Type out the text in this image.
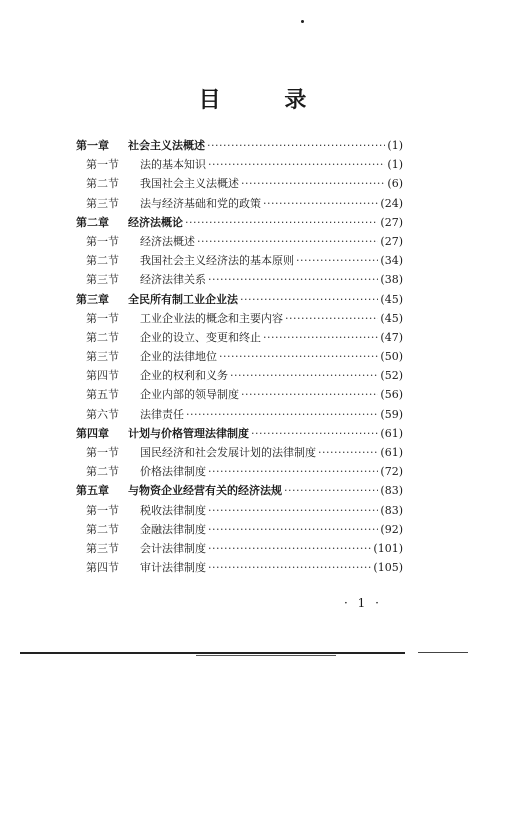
目 录
第一章	社会主义法概述 ·····	(1)
第一节	法的基本知识 ·····	(1)
第二节	我国社会主义法概述 ·····	(6)
第三节	法与经济基础和党的政策 ·····	(24)
第二章	经济法概论 ·····	(27)
第一节	经济法概述 ·····	(27)
第二节	我国社会主义经济法的基本原则 ·····	(34)
第三节	经济法律关系 ·····	(38)
第三章	全民所有制工业企业法 ·····	(45)
第一节	工业企业法的概念和主要内容 ·····	(45)
第二节	企业的设立、变更和终止 ·····	(47)
第三节	企业的法律地位 ·····	(50)
第四节	企业的权利和义务 ·····	(52)
第五节	企业内部的领导制度 ·····	(56)
第六节	法律责任 ·····	(59)
第四章	计划与价格管理法律制度 ·····	(61)
第一节	国民经济和社会发展计划的法律制度 ·····	(61)
第二节	价格法律制度 ·····	(72)
第五章	与物资企业经营有关的经济法规 ·····	(83)
第一节	税收法律制度 ·····	(83)
第二节	金融法律制度 ·····	(92)
第三节	会计法律制度 ·····	(101)
第四节	审计法律制度 ·····	(105)
· 1 ·
